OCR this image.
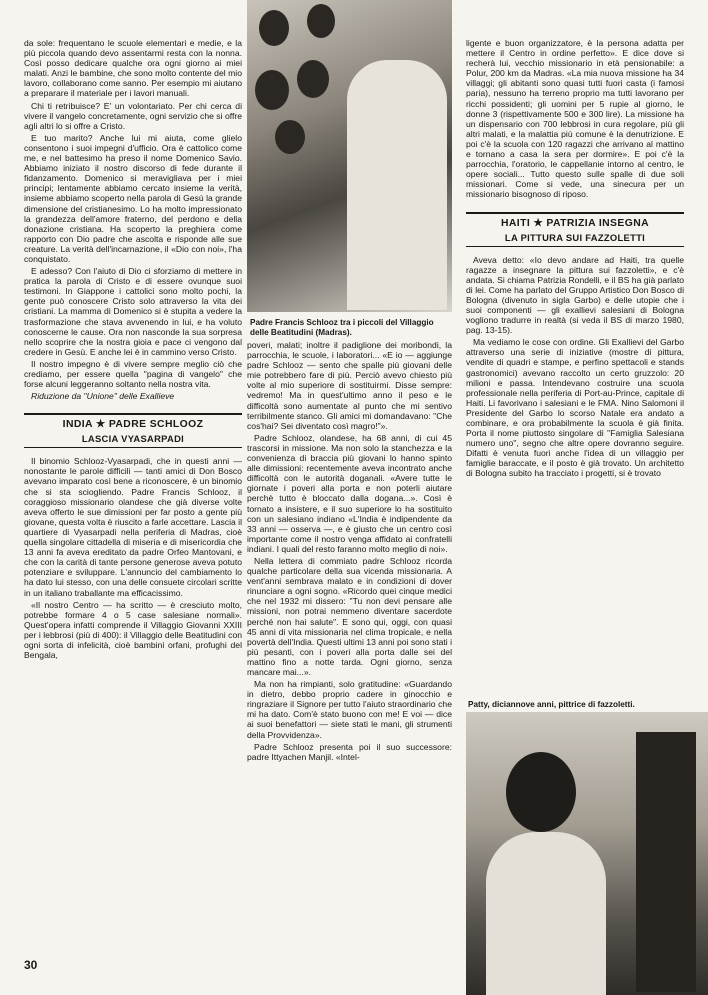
da sole: frequentano le scuole elementari e medie, e la più piccola quando devo assentarmi resta con la nonna. Così posso dedicare qualche ora ogni giorno ai miei malati. Anzi le bambine, che sono molto contente del mio lavoro, collaborano come sanno. Per esempio mi aiutano a preparare il materiale per i lavori manuali.

Chi ti retribuisce? E' un volontariato. Per chi cerca di vivere il vangelo concretamente, ogni servizio che si offre agli altri lo si offre a Cristo.

E tuo marito? Anche lui mi aiuta, come glielo consentono i suoi impegni d'ufficio. Ora è cattolico come me, e nel battesimo ha preso il nome Domenico Savio. Abbiamo iniziato il nostro discorso di fede durante il fidanzamento. Domenico si meravigliava per i miei principi; lentamente abbiamo cercato insieme la verità, insieme abbiamo scoperto nella parola di Gesù la grande dimensione del cristianesimo. Lo ha molto impressionato la grandezza dell'amore fraterno, del perdono e della donazione cristiana. Ha scoperto la preghiera come rapporto con Dio padre che ascolta e risponde alle sue creature. La verità dell'incarnazione, il «Dio con noi», l'ha conquistato.

E adesso? Con l'aiuto di Dio ci sforziamo di mettere in pratica la parola di Cristo e di essere ovunque suoi testimoni. In Giappone i cattolici sono molto pochi, la gente può conoscere Cristo solo attraverso la vita dei cristiani. La mamma di Domenico si è stupita a vedere la trasformazione che stava avvenendo in lui, e ha voluto conoscerne le cause. Ora non nasconde la sua sorpresa nello scoprire che la nostra gioia e pace ci vengono dal credere in Gesù. E anche lei è in cammino verso Cristo.

Il nostro impegno è di vivere sempre meglio ciò che crediamo, per essere quella "pagina di vangelo" che forse alcuni leggeranno soltanto nella nostra vita.

Riduzione da "Unione" delle Exallieve

INDIA ★ PADRE SCHLOOZ
LASCIA VYASARPADI

Il binomio Schlooz-Vyasarpadi, che in questi anni — nonostante le parole difficili — tanti amici di Don Bosco avevano imparato così bene a riconoscere, è un binomio che si sta sciogliendo. Padre Francis Schlooz, il coraggioso missionario olandese che già diverse volte aveva offerto le sue dimissioni per far posto a gente più giovane, questa volta è riuscito a farle accettare. Lascia il quartiere di Vyasarpadi nella periferia di Madras, cioè quella singolare cittadella di miseria e di misericordia che 13 anni fa aveva ereditato da padre Orfeo Mantovani, e che con la carità di tante persone generose aveva potuto potenziare e sviluppare. L'annuncio del cambiamento lo ha dato lui stesso, con una delle consuete circolari scritte in un italiano traballante ma efficacissimo.

«Il nostro Centro — ha scritto — è cresciuto molto, potrebbe formare 4 o 5 case salesiane normali». Quest'opera infatti comprende il Villaggio Giovanni XXIII per i lebbrosi (più di 400): il Villaggio delle Beatitudini con ogni sorta di infelicità, cioè bambini orfani, profughi del Bengala,

Padre Francis Schlooz tra i piccoli del Villaggio delle Beatitudini (Madras).

poveri, malati; inoltre il padiglione dei moribondi, la parrocchia, le scuole, i laboratori... «E io — aggiunge padre Schlooz — sento che spalle più giovani delle mie potrebbero fare di più. Perciò avevo chiesto più volte al mio superiore di sostituirmi. Disse sempre: vedremo! Ma in quest'ultimo anno il peso e le difficoltà sono aumentate al punto che mi sentivo terribilmente stanco. Gli amici mi domandavano: "Che cos'hai? Sei diventato così magro!"».

Padre Schlooz, olandese, ha 68 anni, di cui 45 trascorsi in missione. Ma non solo la stanchezza e la convenienza di braccia più giovani lo hanno spinto alle dimissioni: recentemente aveva incontrato anche difficoltà con le autorità doganali. «Avere tutte le giornate i poveri alla porta e non poterli aiutare perchè tutto è bloccato dalla dogana...». Così è tornato a insistere, e il suo superiore lo ha sostituito con un salesiano indiano «L'India è indipendente da 33 anni — osserva —, e è giusto che un centro così importante come il nostro venga affidato ai confratelli indiani. I quali del resto faranno molto meglio di noi».

Nella lettera di commiato padre Schlooz ricorda qualche particolare della sua vicenda missionaria. A vent'anni sembrava malato e in condizioni di dover rinunciare a ogni sogno. «Ricordo quei cinque medici che nel 1932 mi dissero: "Tu non devi pensare alle missioni, non potrai nemmeno diventare sacerdote perché non hai salute". E sono qui, oggi, con quasi 45 anni di vita missionaria nel clima tropicale, e nella povertà dell'India. Questi ultimi 13 anni poi sono stati i più pesanti, con i poveri alla porta dalle sei del mattino fino a notte tarda. Ogni giorno, senza mancare mai...».

Ma non ha rimpianti, solo gratitudine: «Guardando in dietro, debbo proprio cadere in ginocchio e ringraziare il Signore per tutto l'aiuto straordinario che mi ha dato. Com'è stato buono con me! E voi — dice ai suoi benefattori — siete stati le mani, gli strumenti della Provvidenza».

Padre Schlooz presenta poi il suo successore: padre Ittyachen Manjil. «Intel-

ligente e buon organizzatore, è la persona adatta per mettere il Centro in ordine perfetto». E dice dove si recherà lui, vecchio missionario in età pensionabile: a Polur, 200 km da Madras. «La mia nuova missione ha 34 villaggi; gli abitanti sono quasi tutti fuori casta (i famosi paria), nessuno ha terreno proprio ma tutti lavorano per ricchi possidenti; gli uomini per 5 rupie al giorno, le donne 3 (rispettivamente 500 e 300 lire). La missione ha un dispensario con 700 lebbrosi in cura regolare, più gli altri malati, e la malattia più comune è la denutrizione. E poi c'è la scuola con 120 ragazzi che arrivano al mattino e tornano a casa la sera per dormire». E poi c'è la parrocchia, l'oratorio, le cappellanie intorno al centro, le opere sociali... Tutto questo sulle spalle di due soli missionari. Come si vede, una sinecura per un missionario bisognoso di riposo.

HAITI ★ PATRIZIA INSEGNA
LA PITTURA SUI FAZZOLETTI

Aveva detto: «Io devo andare ad Haiti, tra quelle ragazze a insegnare la pittura sui fazzoletti», e c'è andata. Si chiama Patrizia Rondelli, e il BS ha già parlato di lei. Come ha parlato del Gruppo Artistico Don Bosco di Bologna (divenuto in sigla Garbo) e delle utopie che i suoi componenti — gli exallievi salesiani di Bologna vogliono tradurre in realtà (si veda il BS di marzo 1980, pag. 13-15).

Ma vediamo le cose con ordine. Gli Exallievi del Garbo attraverso una serie di iniziative (mostre di pittura, vendite di quadri e stampe, e perfino spettacoli e stands gastronomici) avevano raccolto un certo gruzzolo: 20 milioni e passa. Intendevano costruire una scuola professionale nella periferia di Port-au-Prince, capitale di Haiti. Li favorivano i salesiani e le FMA. Nino Salomoni il Presidente del Garbo lo scorso Natale era andato a combinare, e ora probabilmente la scuola è già finita. Porta il nome piuttosto singolare di "Famiglia Salesiana numero uno", segno che altre opere dovranno seguire. Difatti è venuta fuori anche l'idea di un villaggio per famiglie baraccate, e il posto è già trovato. Un architetto di Bologna subito ha tracciato i progetti, si è trovato

Patty, diciannove anni, pittrice di fazzoletti.
30
